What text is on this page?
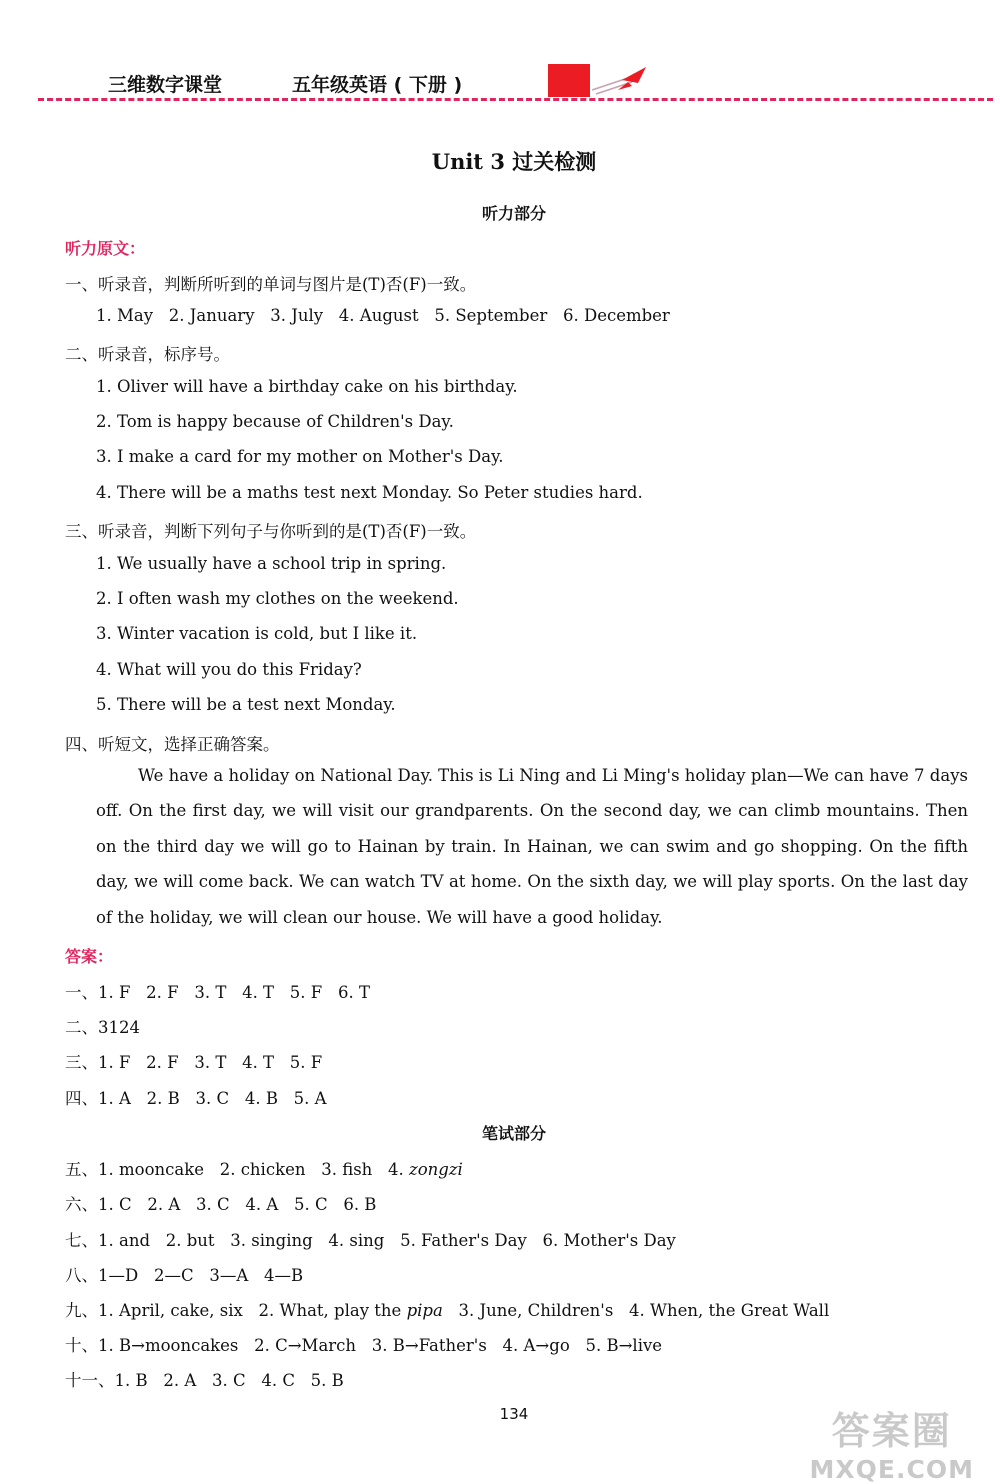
三维数字课堂	五年级英语 ( 下册 )
Unit 3 过关检测
听力部分
听力原文：
一、听录音，判断所听到的单词与图片是(T)否(F)一致。
1. May   2. January   3. July   4. August   5. September   6. December
二、听录音，标序号。
1. Oliver will have a birthday cake on his birthday.
2. Tom is happy because of Children's Day.
3. I make a card for my mother on Mother's Day.
4. There will be a maths test next Monday. So Peter studies hard.
三、听录音，判断下列句子与你听到的是(T)否(F)一致。
1. We usually have a school trip in spring.
2. I often wash my clothes on the weekend.
3. Winter vacation is cold, but I like it.
4. What will you do this Friday?
5. There will be a test next Monday.
四、听短文，选择正确答案。
We have a holiday on National Day. This is Li Ning and Li Ming's holiday plan—We can have 7 days off. On the first day, we will visit our grandparents. On the second day, we can climb mountains. Then on the third day we will go to Hainan by train. In Hainan, we can swim and go shopping. On the fifth day, we will come back. We can watch TV at home. On the sixth day, we will play sports. On the last day of the holiday, we will clean our house. We will have a good holiday.
答案：
一、1. F   2. F   3. T   4. T   5. F   6. T
二、3124
三、1. F   2. F   3. T   4. T   5. F
四、1. A   2. B   3. C   4. B   5. A
笔试部分
五、1. mooncake   2. chicken   3. fish   4. zongzi
六、1. C   2. A   3. C   4. A   5. C   6. B
七、1. and   2. but   3. singing   4. sing   5. Father's Day   6. Mother's Day
八、1—D   2—C   3—A   4—B
九、1. April, cake, six   2. What, play the pipa   3. June, Children's   4. When, the Great Wall
十、1. B→mooncakes   2. C→March   3. B→Father's   4. A→go   5. B→live
十一、1. B   2. A   3. C   4. C   5. B
134	答案圈
MXQE.COM
